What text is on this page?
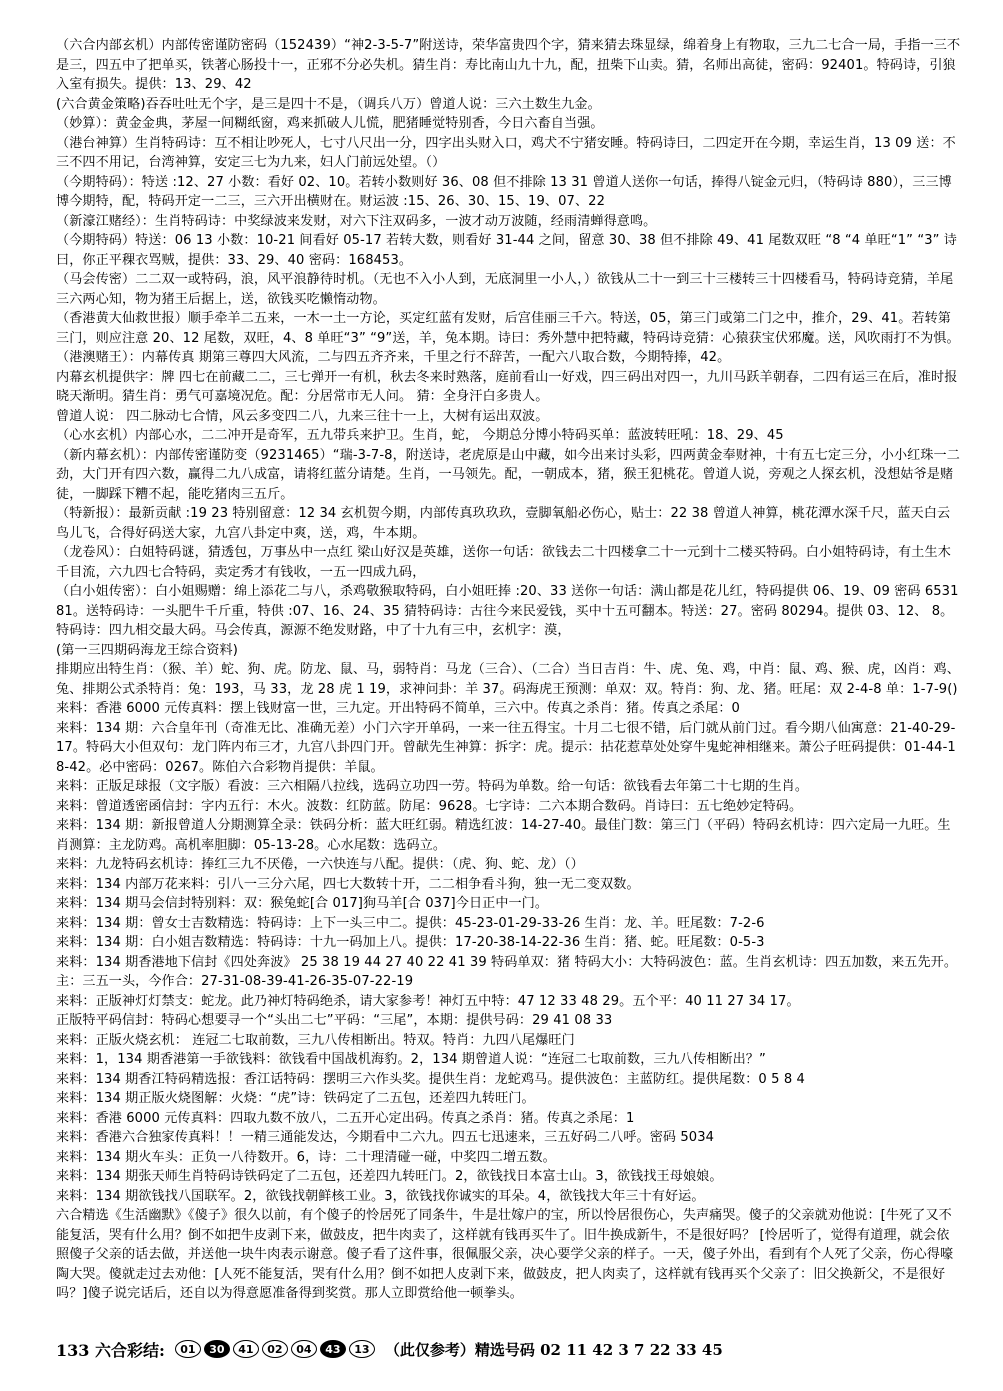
（六合内部玄机）内部传密谨防密码（152439）“神2-3-5-7”附送诗，荣华富贵四个字，猜来猜去珠显绿，绵着身上有物取，三九二七合一局，手指一三不是三，四五中了把单买，铁著心肠投十一，正邪不分必失机。猜生肖：寿比南山九十九，配，扭柴下山卖。猜，名师出高徒，密码：92401。特码诗，引狼入室有损失。提供：13、29、42

(六合黄金策略)吞吞吐吐无个字，是三是四十不是，（调兵八万）曾道人说：三六土数生九金。

（妙算）：黄金金典，茅屋一间糊纸窗，鸡来抓破人儿慌，肥猪睡觉特别香，今日六畜自当强。

（港台神算）生肖特码诗：互不相让吵死人，七寸八尺出一分，四字出头财入口，鸡犬不宁猪安睡。特码诗曰，二四定开在今期，幸运生肖，13 09 送：不三不四不用记，台湾神算，安定三七为九来，妇人门前远处望。（）

（今期特码）：特送 :12、27 小数：看好 02、10。若转小数则好 36、08 但不排除 13 31 曾道人送你一句话，捧得八锭金元归，（特码诗 880），三三博博今期特，配，特码开定一二三，三六开出横财在。财运波 :15、26、30、15、19、07、22

（新濠江赌经）：生肖特码诗：中奖绿波来发财，对六下注双码多，一波才动万波随，经雨清蝉得意鸣。

（今期特码）特送：06 13 小数：10-21 间看好 05-17 若转大数，则看好 31-44 之间，留意 30、38 但不排除 49、41 尾数双旺 “8 “4 单旺“1” “3” 诗曰，你正平稞衣骂贼，提供：33、29、40 密码：168453。

（马会传密）二二双一或特码，浪，风平浪静待时机。（无也不入小人到，无底洞里一小人，）欲钱从二十一到三十三楼转三十四楼看马，特码诗竞猜，羊尾三六两心知，物为猪王后据上，送，欲钱买吃懒惰动物。

（香港黄大仙救世报）顺手牵羊二五来，一木一土一方论，买定红蓝有发财，后宫佳丽三千六。特送，05，第三门或第二门之中，推介，29、41。若转第三门，则应注意 20、12 尾数，双旺，4、8 单旺“3” “9”送，羊，兔本期。诗曰：秀外慧中把特藏，特码诗竞猜：心猿获宝伏邪魔。送，风吹雨打不为惧。

（港澳赌王）：内幕传真 期第三尊四大风流，二与四五齐齐来，千里之行不辞苦，一配六八取合数，今期特捧，42。

内幕玄机提供字：牌 四七在前藏二二，三七弹开一有机，秋去冬来时熟落，庭前看山一好戏，四三码出对四一，九川马跃羊朝春，二四有运三在后，准时报晓天渐明。猜生肖：勇气可嘉境况危。配：分居常市无人问。 猜：全身汗白多贵人。

曾道人说： 四二脉动七合情，风云多变四二八，九来三往十一上，大树有运出双波。

（心水玄机）内部心水，二二冲开是奇军，五九带兵来护卫。生肖，蛇， 今期总分博小特码买单：蓝波转旺吼：18、29、45

（新内幕玄机）：内部传密谨防变（9231465）“瑞-3-7-8，附送诗，老虎原是山中藏，如今出来讨头彩，四两黄金奉财神，十有五七定三分，小小红珠一二劲，大门开有四六数，赢得二九八成富，请将红蓝分请楚。生肖，一马领先。配，一朝成本，猪，猴王犯桃花。曾道人说，旁观之人探玄机，没想姑爷是赌徒，一脚踩下糟不起，能吃猪肉三五斤。

（特新报）：最新贡献 :19 23 特别留意：12 34 玄机贺今期，内部传真玖玖玖，壹脚氧船必伤心，贴士：22 38 曾道人神算，桃花潭水深千尺，蓝天白云鸟儿飞，合得好码送大家，九宫八卦定中爽，送，鸡，牛本期。

（龙卷风）：白姐特码谜，猜透包，万事丛中一点红 梁山好汉是英雄，送你一句话：欲钱去二十四楼拿二十一元到十二楼买特码。白小姐特码诗，有土生木千目流，六九四七合特码，卖定秀才有钱收，一五一四成九码，

（白小姐传密）：白小姐赐赠：绵上添花二与八，杀鸡敬猴取特码，白小姐旺捧 :20、33 送你一句话：满山都是花儿红，特码提供 06、19、09 密码 653181。送特码诗：一头肥牛千斤重，特供 :07、16、24、35 猜特码诗：古往今来民爱钱，买中十五可翻本。特送：27。密码 80294。提供 03、12、 8。特码诗：四九相交最大码。马会传真，源源不绝发财路，中了十九有三中，玄机字：漠，

(第一三四期码海龙王综合资料)

排期应出特生肖：（猴、羊）蛇、狗、虎。防龙、鼠、马，弱特肖：马龙（三合）、（二合）当日吉肖：牛、虎、兔、鸡，中肖：鼠、鸡、猴、虎，凶肖：鸡、兔、排期公式杀特肖：兔：193，马 33，龙 28 虎 1 19，求神问卦：羊 37。码海虎王预测：单双：双。特肖：狗、龙、猪。旺尾：双 2-4-8 单：1-7-9()

来料：香港 6000 元传真料：摆上钱财富一世，三九定。开出特码不简单，三六中。传真之杀肖：猪。传真之杀尾：0

来料：134 期：六合皇年刊（奇准无比、准确无差）小门六字开单码，一来一往五得宝。十月二七很不错，后门就从前门过。看今期八仙寓意：21-40-29-17。特码大小但双句：龙门阵内布三才，九宫八卦四门开。曾献先生神算：拆字：虎。提示：拈花惹草处处穿牛鬼蛇神相继来。萧公子旺码提供：01-44-18-42。必中密码：0267。陈伯六合彩物肖提供：羊鼠。

来料：正版足球报（文字版）看波：三六相隔八拉线，选码立功四一劳。特码为单数。给一句话：欲钱看去年第二十七期的生肖。

来料：曾道透密函信封：字内五行：木火。波数：红防蓝。防尾：9628。七字诗：二六本期合数码。肖诗曰：五七绝妙定特码。

来料：134 期：新报曾道人分期测算全录：铁码分析：蓝大旺红弱。精选红波：14-27-40。最佳门数：第三门（平码）特码玄机诗：四六定局一九旺。生肖测算：主龙防鸡。高机率胆脚：05-13-28。心水尾数：选码立。

来料：九龙特码玄机诗：捧红三九不厌倦，一六快连与八配。提供：（虎、狗、蛇、龙）（）

来料：134 内部万花来料：引八一三分六尾，四七大数转十开，二二相争看斗狗，独一无二变双数。

来料：134 期马会信封特别料：双：猴兔蛇[合 017]狗马羊[合 037]今日正中一门。

来料：134 期：曾女士吉数精选：特码诗：上下一头三中二。提供：45-23-01-29-33-26 生肖：龙、羊。旺尾数：7-2-6

来料：134 期：白小姐吉数精选：特码诗：十九一码加上八。提供：17-20-38-14-22-36 生肖：猪、蛇。旺尾数：0-5-3

来料：134 期香港地下信封《四处奔波》 25 38 19 44 27 40 22 41 39 特码单双：猪 特码大小：大特码波色：蓝。生肖玄机诗：四五加数，来五先开。主：三五一头，今作合：27-31-08-39-41-26-35-07-22-19

来料：正版神灯灯禁支：蛇龙。此乃神灯特码绝杀，请大家参考！神灯五中特：47 12 33 48 29。五个平：40 11 27 34 17。

正版特平码信封：特码心想要寻一个“头出二七”平码：“三尾”，本期：提供号码：29 41 08 33

来料：正版火烧玄机： 连冠二七取前数，三九八传相断出。特双。特肖：九四八尾爆旺门

来料：1，134 期香港第一手欲钱料：欲钱看中国战机海豹。2，134 期曾道人说：“连冠二七取前数，三九八传相断出？”

来料：134 期香江特码精选报：香江话特码：摆明三六作头奖。提供生肖：龙蛇鸡马。提供波色：主蓝防红。提供尾数：0 5 8 4

来料：134 期正版火烧图解：火烧：“虎”诗：铁码定了二五包，还差四九转旺门。

来料：香港 6000 元传真料：四取九数不放八，二五开心定出码。传真之杀肖：猪。传真之杀尾：1

来料：香港六合独家传真料！！一精三通能发达，今期看中二六九。四五七迅速来，三五好码二八呼。密码 5034

来料：134 期火车头：正负一八待数开。6，诗：二十理清碰一碰，中奖四二增五数。

来料：134 期张天师生肖特码诗铁码定了二五包，还差四九转旺门。2，欲钱找日本富士山。3，欲钱找王母娘娘。

来料：134 期欲钱找八国联军。2，欲钱找朝鲜核工业。3，欲钱找你诚实的耳朵。4，欲钱找大年三十有好运。

六合精选《生活幽默》《傻子》很久以前，有个傻子的怜居死了同条牛，牛是壮嫁户的宝，所以怜居很伤心，失声痛哭。傻子的父亲就劝他说：[牛死了又不能复活，哭有什么用？倒不如把牛皮剥下来，做鼓皮，把牛肉卖了，这样就有钱再买牛了。旧牛换成新牛，不是很好吗？ [怜居听了，觉得有道理，就会依照傻子父亲的话去做，并送他一块牛肉表示谢意。傻子看了这件事，很佩服父亲，决心要学父亲的样子。一天，傻子外出，看到有个人死了父亲，伤心得嚎陶大哭。傻就走过去劝他：[人死不能复活，哭有什么用？倒不如把人皮剥下来，做鼓皮，把人肉卖了，这样就有钱再买个父亲了：旧父换新父，不是很好吗？]傻子说完话后，还自以为得意愿准备得到奖赏。那人立即赏给他一顿拳头。

133 六合彩结:	01	30	41	02	04	43	13	（此仅参考）精选号码 02 11 42 3 7 22 33 45
